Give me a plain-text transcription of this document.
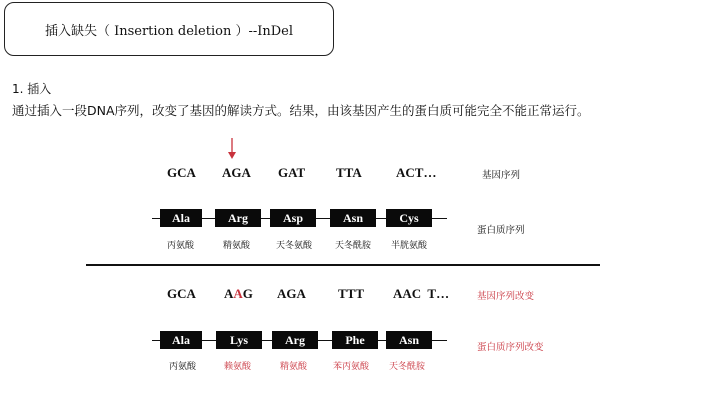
插入缺失（ Insertion deletion ）--InDel
1. 插入
通过插入一段DNA序列，改变了基因的解读方式。结果，由该基因产生的蛋白质可能完全不能正常运行。
GCA AGA GAT TTA	ACT…	基因序列
Ala	Arg	Asp	Asn	Cys
蛋白质序列
丙氨酸	精氨酸	天冬氨酸	天冬酰胺 半胱氨酸
GCA AAG AGA TTT AAC  T…	基因序列改变
Ala	Lys	Arg	Phe	Asn
蛋白质序列改变
丙氨酸	赖氨酸	精氨酸	苯丙氨酸 天冬酰胺
